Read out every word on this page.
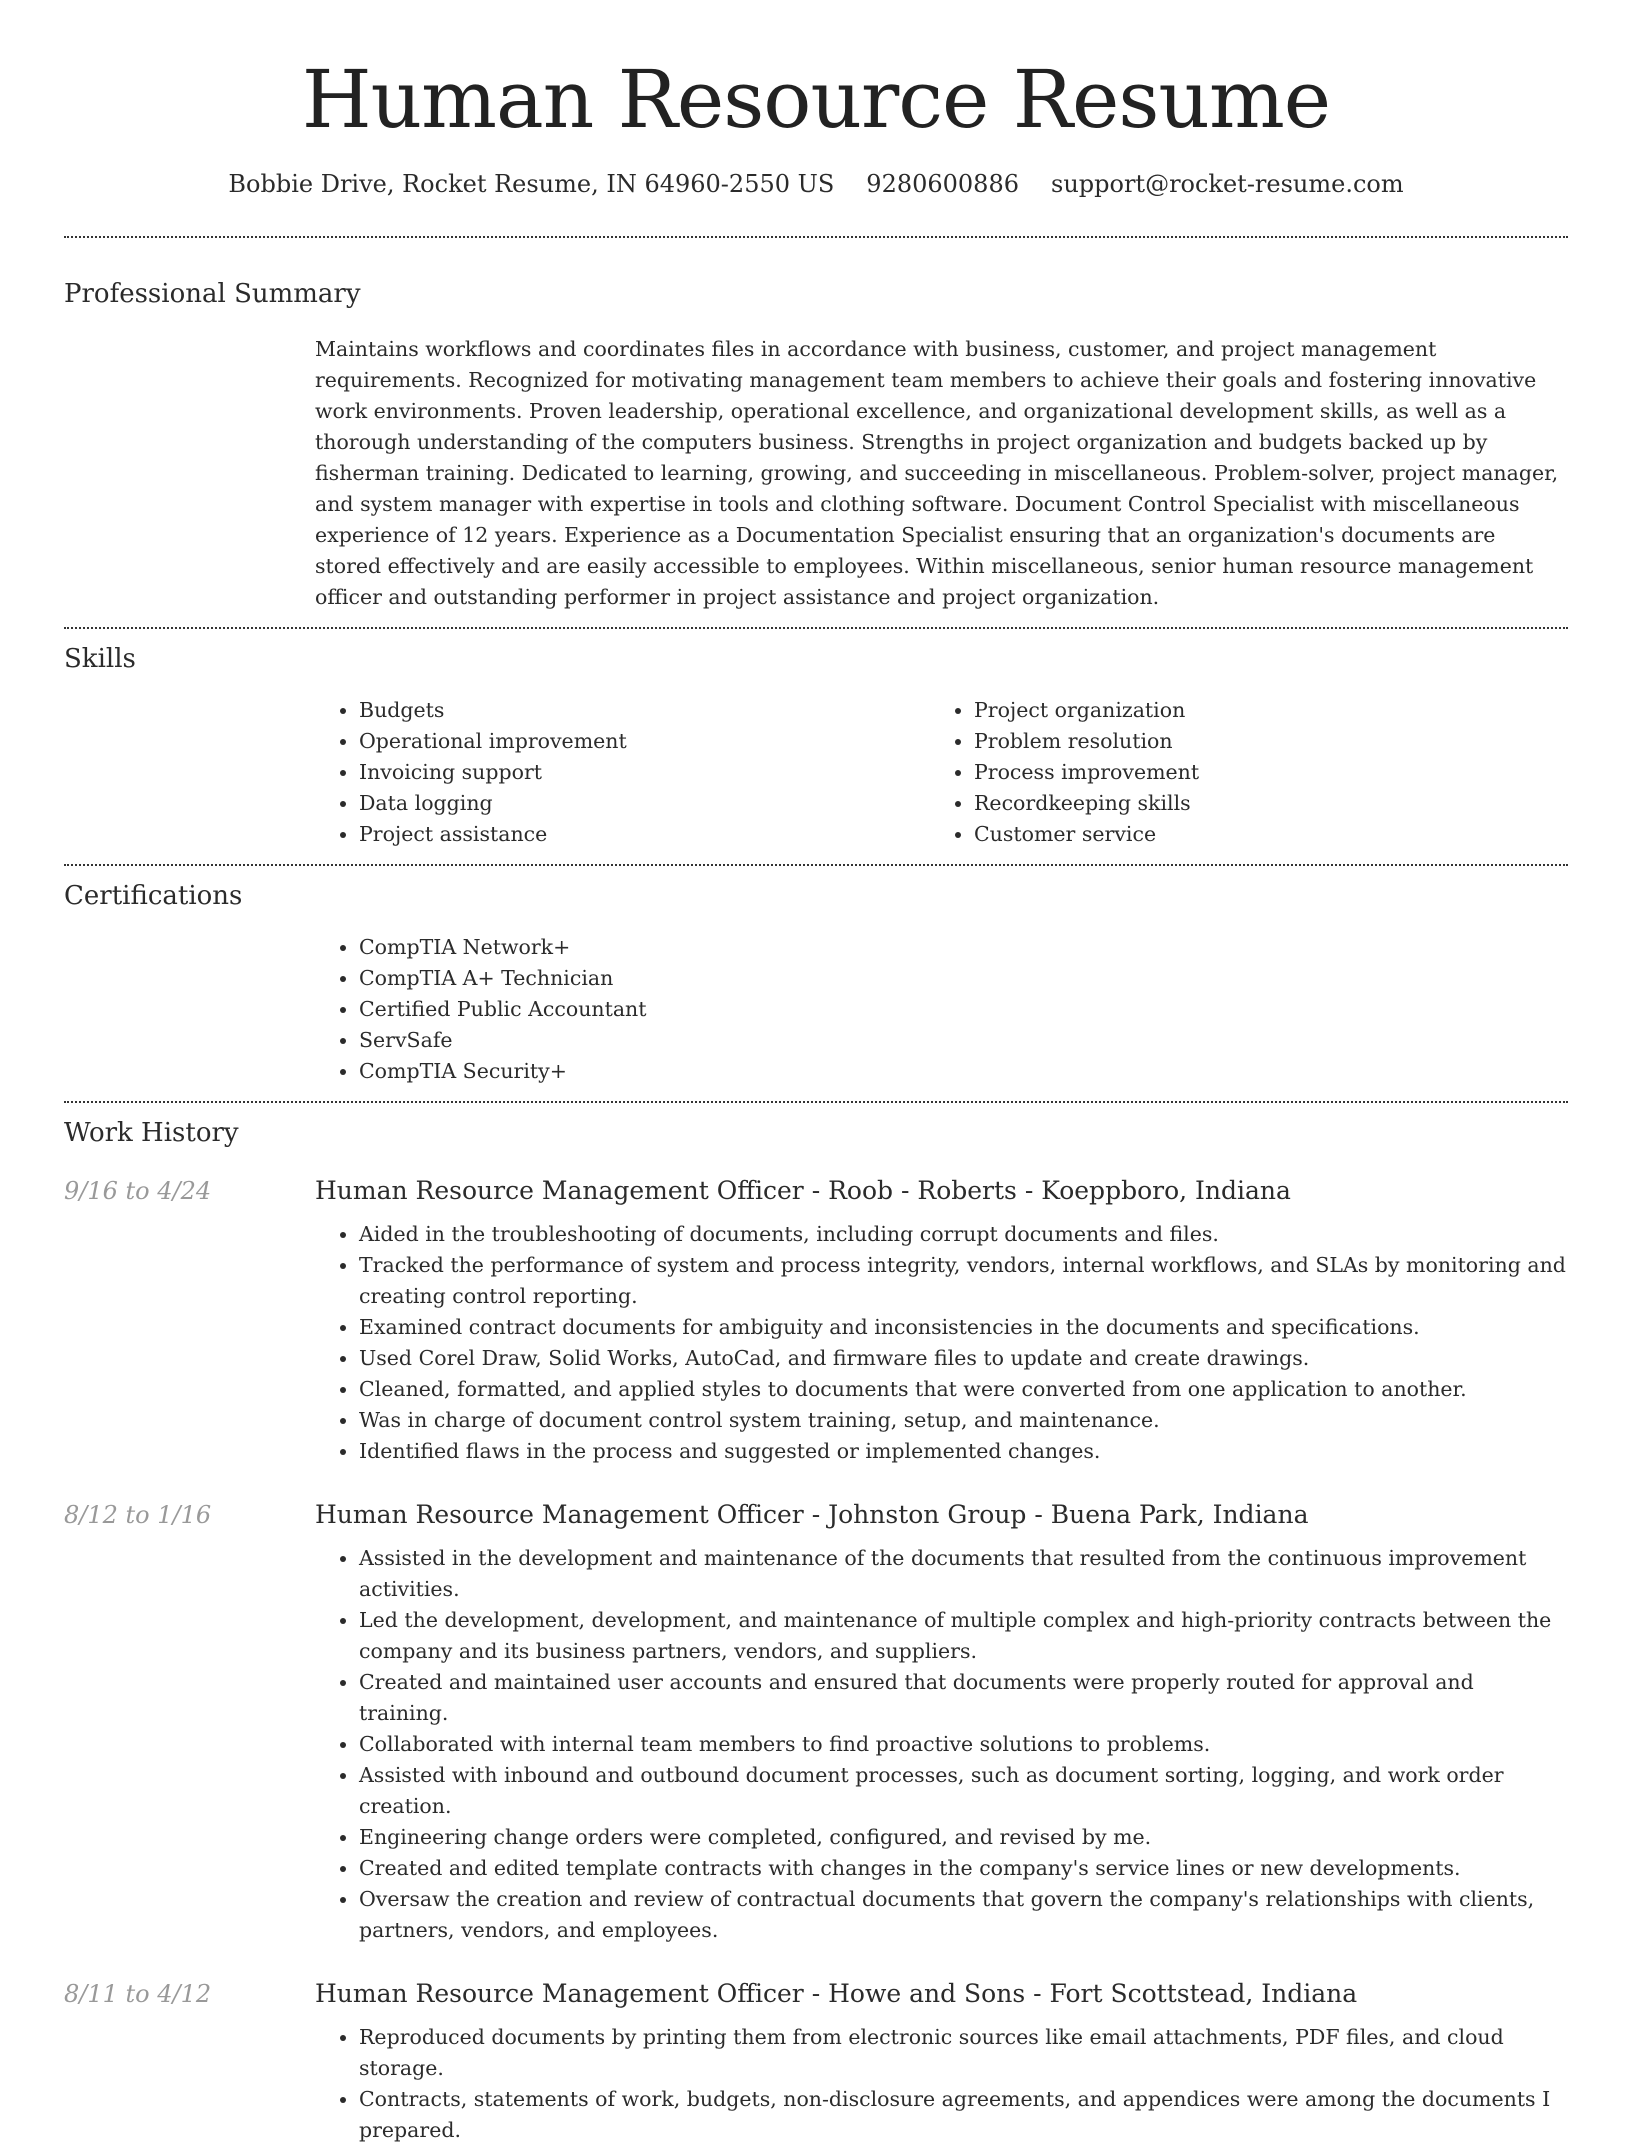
Human Resource Resume
Bobbie Drive, Rocket Resume, IN 64960-2550 US 9280600886 support@rocket-resume.com
Professional Summary

Maintains workflows and coordinates files in accordance with business, customer, and project management requirements. Recognized for motivating management team members to achieve their goals and fostering innovative work environments. Proven leadership, operational excellence, and organizational development skills, as well as a thorough understanding of the computers business. Strengths in project organization and budgets backed up by fisherman training. Dedicated to learning, growing, and succeeding in miscellaneous. Problem-solver, project manager, and system manager with expertise in tools and clothing software. Document Control Specialist with miscellaneous experience of 12 years. Experience as a Documentation Specialist ensuring that an organization's documents are stored effectively and are easily accessible to employees. Within miscellaneous, senior human resource management officer and outstanding performer in project assistance and project organization.

Skills
• Budgets
• Operational improvement
• Invoicing support
• Data logging
• Project assistance
• Project organization
• Problem resolution
• Process improvement
• Recordkeeping skills
• Customer service
Certifications
• CompTIA Network+
• CompTIA A+ Technician
• Certified Public Accountant
• ServSafe
• CompTIA Security+
Work History
9/16 to 4/24	Human Resource Management Officer - Roob - Roberts - Koeppboro, Indiana
• Aided in the troubleshooting of documents, including corrupt documents and files.
• Tracked the performance of system and process integrity, vendors, internal workflows, and SLAs by monitoring and creating control reporting.
• Examined contract documents for ambiguity and inconsistencies in the documents and specifications.
• Used Corel Draw, Solid Works, AutoCad, and firmware files to update and create drawings.
• Cleaned, formatted, and applied styles to documents that were converted from one application to another.
• Was in charge of document control system training, setup, and maintenance.
• Identified flaws in the process and suggested or implemented changes.
8/12 to 1/16	Human Resource Management Officer - Johnston Group - Buena Park, Indiana
• Assisted in the development and maintenance of the documents that resulted from the continuous improvement activities.
• Led the development, development, and maintenance of multiple complex and high-priority contracts between the company and its business partners, vendors, and suppliers.
• Created and maintained user accounts and ensured that documents were properly routed for approval and training.
• Collaborated with internal team members to find proactive solutions to problems.
• Assisted with inbound and outbound document processes, such as document sorting, logging, and work order creation.
• Engineering change orders were completed, configured, and revised by me.
• Created and edited template contracts with changes in the company's service lines or new developments.
• Oversaw the creation and review of contractual documents that govern the company's relationships with clients, partners, vendors, and employees.
8/11 to 4/12	Human Resource Management Officer - Howe and Sons - Fort Scottstead, Indiana
• Reproduced documents by printing them from electronic sources like email attachments, PDF files, and cloud storage.
• Contracts, statements of work, budgets, non-disclosure agreements, and appendices were among the documents I prepared.
